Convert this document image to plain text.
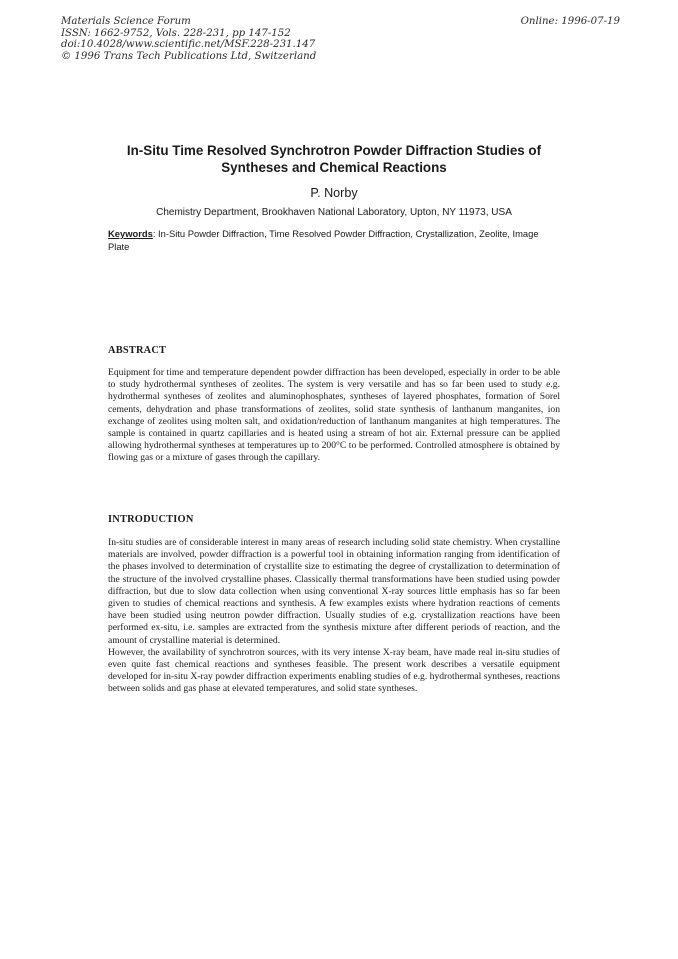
Materials Science Forum
ISSN: 1662-9752, Vols. 228-231, pp 147-152
doi:10.4028/www.scientific.net/MSF.228-231.147
© 1996 Trans Tech Publications Ltd, Switzerland
Online: 1996-07-19
In-Situ Time Resolved Synchrotron Powder Diffraction Studies of Syntheses and Chemical Reactions
P. Norby
Chemistry Department, Brookhaven National Laboratory, Upton, NY 11973, USA
Keywords: In-Situ Powder Diffraction, Time Resolved Powder Diffraction, Crystallization, Zeolite, Image Plate
ABSTRACT

Equipment for time and temperature dependent powder diffraction has been developed, especially in order to be able to study hydrothermal syntheses of zeolites. The system is very versatile and has so far been used to study e.g. hydrothermal syntheses of zeolites and aluminophosphates, syntheses of layered phosphates, formation of Sorel cements, dehydration and phase transformations of zeolites, solid state synthesis of lanthanum manganites, ion exchange of zeolites using molten salt, and oxidation/reduction of lanthanum manganites at high temperatures. The sample is contained in quartz capillaries and is heated using a stream of hot air. External pressure can be applied allowing hydrothermal syntheses at temperatures up to 200°C to be performed. Controlled atmosphere is obtained by flowing gas or a mixture of gases through the capillary.

INTRODUCTION

In-situ studies are of considerable interest in many areas of research including solid state chemistry. When crystalline materials are involved, powder diffraction is a powerful tool in obtaining information ranging from identification of the phases involved to determination of crystallite size to estimating the degree of crystallization to determination of the structure of the involved crystalline phases. Classically thermal transformations have been studied using powder diffraction, but due to slow data collection when using conventional X-ray sources little emphasis has so far been given to studies of chemical reactions and synthesis. A few examples exists where hydration reactions of cements have been studied using neutron powder diffraction. Usually studies of e.g. crystallization reactions have been performed ex-situ, i.e. samples are extracted from the synthesis mixture after different periods of reaction, and the amount of crystalline material is determined.

However, the availability of synchrotron sources, with its very intense X-ray beam, have made real in-situ studies of even quite fast chemical reactions and syntheses feasible. The present work describes a versatile equipment developed for in-situ X-ray powder diffraction experiments enabling studies of e.g. hydrothermal syntheses, reactions between solids and gas phase at elevated temperatures, and solid state syntheses.
